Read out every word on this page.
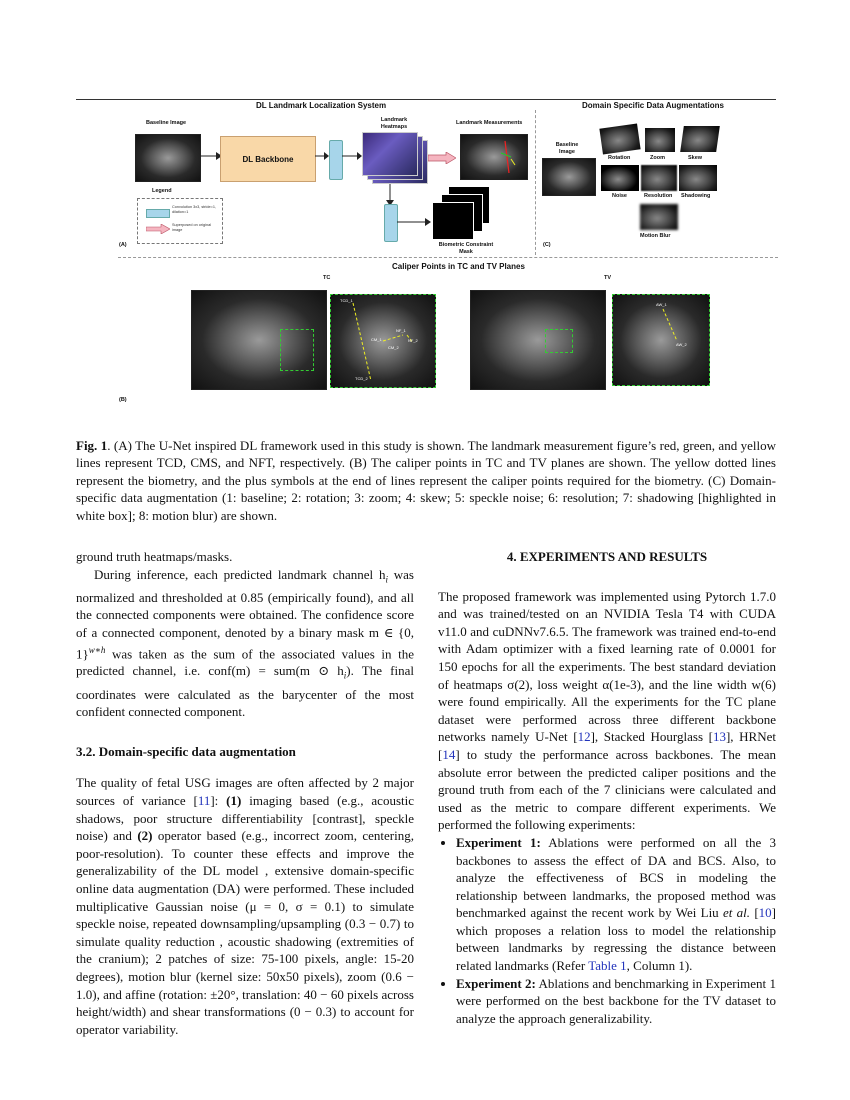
DL Landmark Localization System	Domain Specific Data Augmentations
Baseline Image
DL Backbone
Landmark Heatmaps
Landmark Measurements
Biometric Constraint Mask
Legend
Convolution 3x3, stride=1, dilation=1
Superposed on original image
(A)
Baseline Image
Rotation	Zoom	Skew
Noise	Resolution Shadowing
Motion Blur
(C)
Caliper Points in TC and TV Planes
TC	TV
TCD_1
TCD_2
CM_1
CM_2
NF_1
NF_2
AW_1
AW_2
(B)
Fig. 1. (A) The U-Net inspired DL framework used in this study is shown. The landmark measurement figure’s red, green, and yellow lines represent TCD, CMS, and NFT, respectively. (B) The caliper points in TC and TV planes are shown. The yellow dotted lines represent the biometry, and the plus symbols at the end of lines represent the caliper points required for the biometry. (C) Domain-specific data augmentation (1: baseline; 2: rotation; 3: zoom; 4: skew; 5: speckle noise; 6: resolution; 7: shadowing [highlighted in white box]; 8: motion blur) are shown.

ground truth heatmaps/masks.

During inference, each predicted landmark channel $h_i$ was normalized and thresholded at 0.85 (empirically found), and all the connected components were obtained. The confidence score of a connected component, denoted by a binary mask m ∈ {0, 1}$^{w∗h}$ was taken as the sum of the associated values in the predicted channel, i.e. conf(m) = sum(m ⊙ $h_i$). The final coordinates were calculated as the barycenter of the most confident connected component.

3.2. Domain-specific data augmentation

The quality of fetal USG images are often affected by 2 major sources of variance [11]: (1) imaging based (e.g., acoustic shadows, poor structure differentiability [contrast], speckle noise) and (2) operator based (e.g., incorrect zoom, centering, poor-resolution). To counter these effects and improve the generalizability of the DL model , extensive domain-specific online data augmentation (DA) were performed. These included multiplicative Gaussian noise (μ = 0, σ = 0.1) to simulate speckle noise, repeated downsampling/upsampling (0.3 − 0.7) to simulate quality reduction , acoustic shadowing (extremities of the cranium); 2 patches of size: 75-100 pixels, angle: 15-20 degrees), motion blur (kernel size: 50x50 pixels), zoom (0.6 − 1.0), and affine (rotation: ±20°, translation: 40 − 60 pixels across height/width) and shear transformations (0 − 0.3) to account for operator variability.

4. EXPERIMENTS AND RESULTS

The proposed framework was implemented using Pytorch 1.7.0 and was trained/tested on an NVIDIA Tesla T4 with CUDA v11.0 and cuDNNv7.6.5. The framework was trained end-to-end with Adam optimizer with a fixed learning rate of 0.0001 for 150 epochs for all the experiments. The best standard deviation of heatmaps σ(2), loss weight α(1e-3), and the line width w(6) were found empirically. All the experiments for the TC plane dataset were performed across three different backbone networks namely U-Net [12], Stacked Hourglass [13], HRNet [14] to study the performance across backbones. The mean absolute error between the predicted caliper positions and the ground truth from each of the 7 clinicians were calculated and used as the metric to compare different experiments. We performed the following experiments:

• Experiment 1: Ablations were performed on all the 3 backbones to assess the effect of DA and BCS. Also, to analyze the effectiveness of BCS in modeling the relationship between landmarks, the proposed method was benchmarked against the recent work by Wei Liu et al. [10] which proposes a relation loss to model the relationship between landmarks by regressing the distance between related landmarks (Refer Table 1, Column 1).
• Experiment 2: Ablations and benchmarking in Experiment 1 were performed on the best backbone for the TV dataset to analyze the approach generalizability.
